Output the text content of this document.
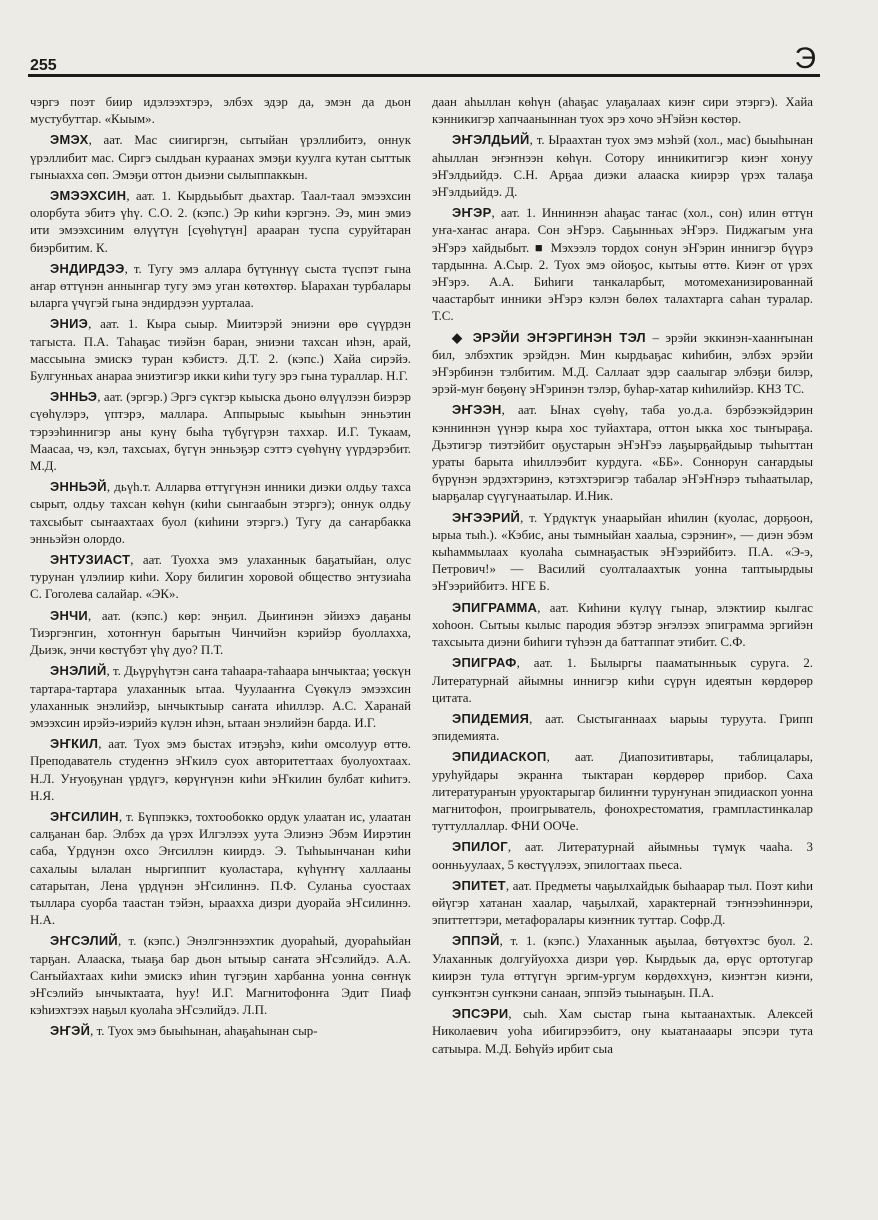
255	Э

чэргэ поэт биир идэлээхтэрэ, элбэх эдэр да, эмэн да дьон мустубуттар. «Кыым».

ЭМЭХ, аат. Мас сиигиргэн, сытыйан үрэллибитэ, оннук үрэллибит мас. Сиргэ сылдьан кураанах эмэҕи куулга кутан сыттык гыныахха сөп. Эмэҕи оттон дьиэни сылыппаккын.

ЭМЭЭХСИН, аат. 1. Кырдьыбыт дьахтар. Таал-таал эмээхсин олорбута эбитэ үһү. С.О. 2. (кэпс.) Эр киһи кэргэнэ. Ээ, мин эмиэ ити эмээхсиним өлүүтүн [сүөһүтүн] арааран туспа суруйтаран биэрбитим. К.

ЭНДИРДЭЭ, т. Тугу эмэ аллара бүтүннүү сыста түспэт гына аҥар өттүнэн аннынгар тугу эмэ уган көтөхтөр. Ыарахан турбалары ыларга үчүгэй гына эндирдээн уурталаа.

ЭНИЭ, аат. 1. Кыра сыыр. Миитэрэй эниэни өрө сүүрдэн тагыста. П.А. Таһаҕас тиэйэн баран, эниэни тахсан иһэн, арай, массыына эмискэ туран кэбистэ. Д.Т. 2. (кэпс.) Хайа сирэйэ. Булгунньах анараа эниэтигэр икки киһи тугу эрэ гына тураллар. Н.Г.

ЭННЬЭ, аат. (эргэр.) Эргэ сүктэр кыыска дьоно өлүүлээн биэрэр сүөһүлэрэ, үптэрэ, маллара. Аппырыыс кыыһын энньэтин тэрээһиннигэр аны кунү быһа түбүгүрэн таххар. И.Г. Тукаам, Маасаа, чэ, кэл, тахсыах, бүгүн энньэҕэр сэттэ сүөһүнү үүрдэрэбит. М.Д.

ЭННЬЭЙ, дьүһ.т. Алларва өттүгүнэн инники диэки олдьу тахса сырыт, олдьу тахсан көһүн (киһи сынгаабын этэргэ); оннук олдьу тахсыбыт сыҥаахтаах буол (киһини этэргэ.) Тугу да саҥарбакка энньэйэн олордо.

ЭНТУЗИАСТ, аат. Туохха эмэ улаханнык баҕатыйан, олус турунан үлэлиир киһи. Хору билигин хоровой общество энтузиаһа С. Гоголева салайар. «ЭК».

ЭНЧИ, аат. (кэпс.) көр: энҕил. Дьиҥинэн эйиэхэ даҕаны Тиэргэнгин, хотоҥҥун барытын Чинчийэн кэрийэр буоллахха, Дьиэк, энчи көстүбэт үһү дуо? П.Т.

ЭНЭЛИЙ, т. Дьүрүһүтэн саҥа таһаара-таһаара ынчыктаа; үөскүн тартара-тартара улаханнык ытаа. Чуулааҥҥа Сүөкүлэ эмээхсин улаханнык энэлийэр, ынчыктыыр саҥата иһиллэр. А.С. Харанай эмээхсин ирэйэ-иэрийэ күлэн иһэн, ытаан энэлийэн бардa. И.Г.

ЭҤКИЛ, аат. Туох эмэ быстах итэҕэһэ, киһи омсолуур өттө. Преподаватель студеҥнэ эҤкилэ суох авторитеттаах буолуохтаах. Н.Л. Уҥуоҕунан үрдүгэ, көрүҥүнэн киһи эҤкилин булбат киһитэ. Н.Я.

ЭҤСИЛИН, т. Бүппэккэ, тохтообокко ордук улаатан ис, улаатан салҕанан бар. Элбэх да үрэх Илгэлээх уута Элиэнэ Эбэм Иирэтин саба, Үрдүнэн охсо Эҥсиллэн киирдэ. Э. Тыһыынчанан киһи сахалыы ылалан ныргиппит куоластара, күһүҥҥү халлааны сатарытан, Лена үрдүнэн эҤсилиннэ. П.Ф. Суланьа суостаах тыллара суорба таастан тэйэн, ыраахха дизри дуорайа эҤсилиннэ. Н.А.

ЭҤСЭЛИЙ, т. (кэпс.) Энэлгэннээхтик дуораһый, дуораһыйан тарҕан. Алааска, тыаҕа бар дьон ытыыр саҥата эҤсэлийдэ. А.А. Саҥыйахтаах киһи эмискэ иһин түгэҕин харбанна уонна сөҥнүк эҤсэлийэ ынчыктаата, һуу! И.Г. Магнитофонҥа Эдит Пиаф кэһиэхтээх наҕыл куолаһа эҤсэлийдэ. Л.П.

ЭҤЭЙ, т. Туох эмэ быыһынан, аһаҕаһынан сыр-

даан аһыллан көһүн (аһаҕас улаҕалаах киэҥ сири этэргэ). Хайа кэнникигэр хапчааныннан туох эрэ хочо эҤэйэн көстөр.

ЭҤЭЛДЬИЙ, т. Ыраахтан туох эмэ мэһэй (хол., мас) быыһынан аһыллан эҥэҥнээн көһүн. Сотору инникитигэр киэҥ хонуу эҤэлдьийдэ. С.Н. Арҕаа диэки алааска киирэр үрэх талаҕа эҤэлдьийдэ. Д.

ЭҤЭР, аат. 1. Инниннэн аһаҕас таҥас (хол., сон) илин өттүн уҥа-хаҥас аҥара. Сон эҤэрэ. Саҕынньах эҤэрэ. Пиджагым уҥа эҤэрэ хайдыбыт. ■ Мэхээлэ тордох сонун эҤэрин иннигэр бүүрэ тардынна. А.Сыр. 2. Туох эмэ ойоҕос, кытыы өттө. Киэҥ от үрэх эҤэрэ. А.А. Биһиги танкаларбыт, мотомеханизированнай чаастарбыт инники эҤэрэ кэлэн бөлөх талахтарга саһан туралар. Т.С.

◆ ЭРЭЙИ ЭҤЭРГИНЭН ТЭЛ – эрэйи эккинэн-хаанҥынан бил, элбэхтик эрэйдэн. Мин кырдьаҕас киһибин, элбэх эрэйи эҤэрбинэн тэлбитим. М.Д. Саллаат эдэр саалыгар элбэҕи билэр, эрэй-муҥ бөҕөнү эҤэринэн тэлэр, буһар-хатар киһилийэр. КНЗ ТС.

ЭҤЭЭН, аат. Ынах сүөһү, таба уо.д.а. бэрбээкэйдэрин кэнниннэн үүнэр кыра хос туйахтара, оттон ыкка хос тыҥыраҕа. Дьэтигэр тиэтэйбит оҕустарын эҤэҤээ лаҕырҕайдыыр тыһыттан ураты барыта иһиллээбит курдуга. «ББ». Соннорун саҥардыы бүрүнэн эрдэхтэринэ, кэтэхтэригэр табалар эҤэҤнэрэ тыһаатылар, ыарҕалар сүүгүнаатылар. И.Ник.

ЭҤЭЭРИЙ, т. Үрдүктүк унаарыйан иһилин (куолас, дорҕоон, ырыа тыһ.). «Кэбис, аны тымныйан хаалыа, сэрэниҥ», — диэн эбэм кыһаммылаах куолаһа сымнаҕастык эҤээрийбитэ. П.А. «Э-э, Петрович!» — Василий суолталаахтык уонна таптыырдыы эҤээрийбитэ. НГЕ Б.

ЭПИГРАММА, аат. Киһини күлүү гынар, элэктиир кылгас хоһоон. Сытыы кылыс пародия эбэтэр эҥэлээх эпиграмма эргийэн тахсыыта диэни биһиги түһээн да баттаппат этибит. С.Ф.

ЭПИГРАФ, аат. 1. Былыргы пааматынньык суруга. 2. Литературнай айымны иннигэр киһи сүрүн идеятын көрдөрөр цитата.

ЭПИДЕМИЯ, аат. Сыстыганнаах ыарыы туруута. Грипп эпидемията.

ЭПИДИАСКОП, аат. Диапозитивтары, таблицалары, уруһуйдары экранҥа тыктаран көрдөрөр прибор. Саха литератураҥын уруоктарыгар билиҥҥи туруҥунан эпидиаскоп уонна магнитофон, проигрыватель, фонохрестоматия, грампластинкалар туттуллаллар. ФНИ ООЧе.

ЭПИЛОГ, аат. Литературнай айымньы түмүк чааһа. 3 оонньуулаах, 5 көстүүлээх, эпилогтаах пьеса.

ЭПИТЕТ, аат. Предметы чаҕылхайдык быһаарар тыл. Поэт киһи өйүгэр хатанан хаалар, чаҕылхай, характернай тэҥнээһиннэри, эпиттеттэри, метафоралары киэҥник туттар. Софр.Д.

ЭППЭЙ, т. 1. (кэпс.) Улаханнык аҕылаа, бөтүөхтэс буол. 2. Улаханнык долгуйуохха дизри үөр. Кырдьык да, өрүс ортотугар киирэн тула өттүгүн эргим-ургум көрдөххүнэ, киэҥтэн киэҥи, суҥкэнтэн суҥкэни санаан, эппэйэ тыынаҕын. П.А.

ЭПСЭРИ, сыһ. Хам сыстар гына кытаанахтык. Алексей Николаевич уоһа ибигирээбитэ, ону кыатанааары эпсэри тута сатыыра. М.Д. Бөһүйэ ирбит сыа
